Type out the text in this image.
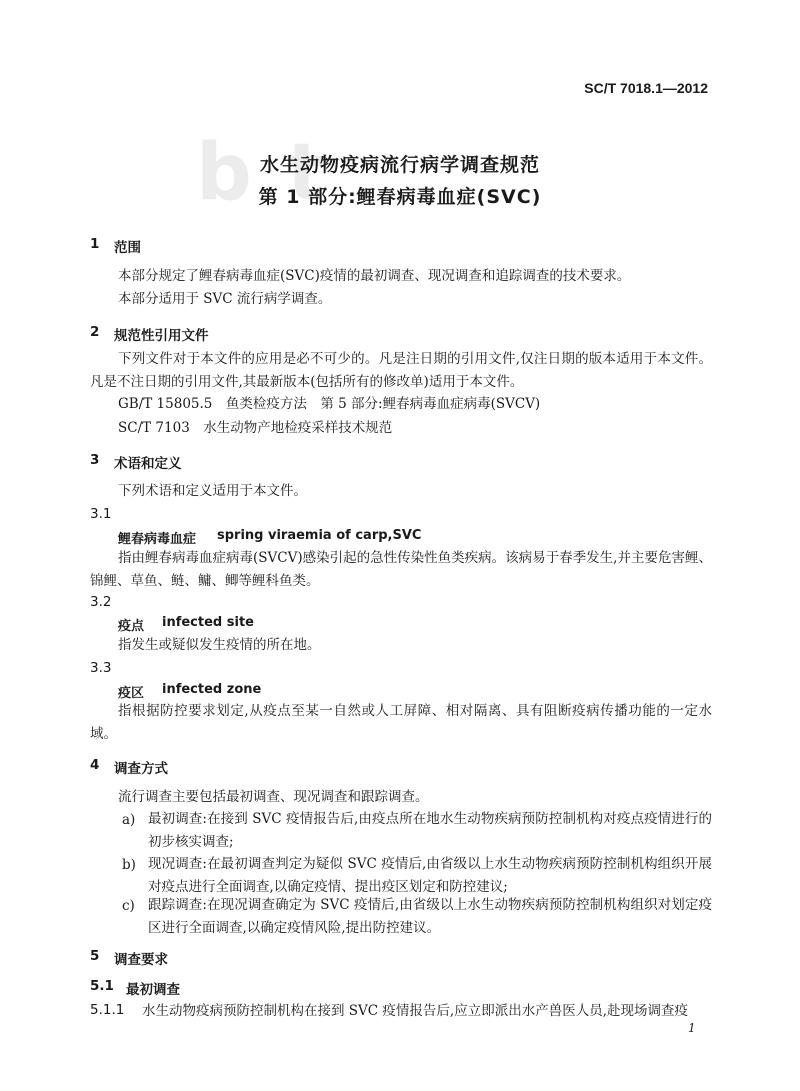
SC/T 7018.1—2012
b t
水生动物疫病流行病学调查规范
第 1 部分:鲤春病毒血症(SVC)
1 范围
本部分规定了鲤春病毒血症(SVC)疫情的最初调查、现况调查和追踪调查的技术要求。
本部分适用于 SVC 流行病学调查。
2 规范性引用文件
下列文件对于本文件的应用是必不可少的。凡是注日期的引用文件,仅注日期的版本适用于本文件。凡是不注日期的引用文件,其最新版本(包括所有的修改单)适用于本文件。
GB/T 15805.5　鱼类检疫方法　第 5 部分:鲤春病毒血症病毒(SVCV)
SC/T 7103　水生动物产地检疫采样技术规范
3 术语和定义
下列术语和定义适用于本文件。
3.1
鲤春病毒血症 spring viraemia of carp,SVC
指由鲤春病毒血症病毒(SVCV)感染引起的急性传染性鱼类疾病。该病易于春季发生,并主要危害鲤、锦鲤、草鱼、鲢、鳙、鲫等鲤科鱼类。
3.2
疫点 infected site
指发生或疑似发生疫情的所在地。
3.3
疫区 infected zone
指根据防控要求划定,从疫点至某一自然或人工屏障、相对隔离、具有阻断疫病传播功能的一定水域。
4 调查方式
流行调查主要包括最初调查、现况调查和跟踪调查。
a) 最初调查:在接到 SVC 疫情报告后,由疫点所在地水生动物疾病预防控制机构对疫点疫情进行的初步核实调查;
b) 现况调查:在最初调查判定为疑似 SVC 疫情后,由省级以上水生动物疾病预防控制机构组织开展对疫点进行全面调查,以确定疫情、提出疫区划定和防控建议;
c) 跟踪调查:在现况调查确定为 SVC 疫情后,由省级以上水生动物疾病预防控制机构组织对划定疫区进行全面调查,以确定疫情风险,提出防控建议。
5 调查要求
5.1 最初调查
5.1.1 水生动物疫病预防控制机构在接到 SVC 疫情报告后,应立即派出水产兽医人员,赴现场调查疫
1
